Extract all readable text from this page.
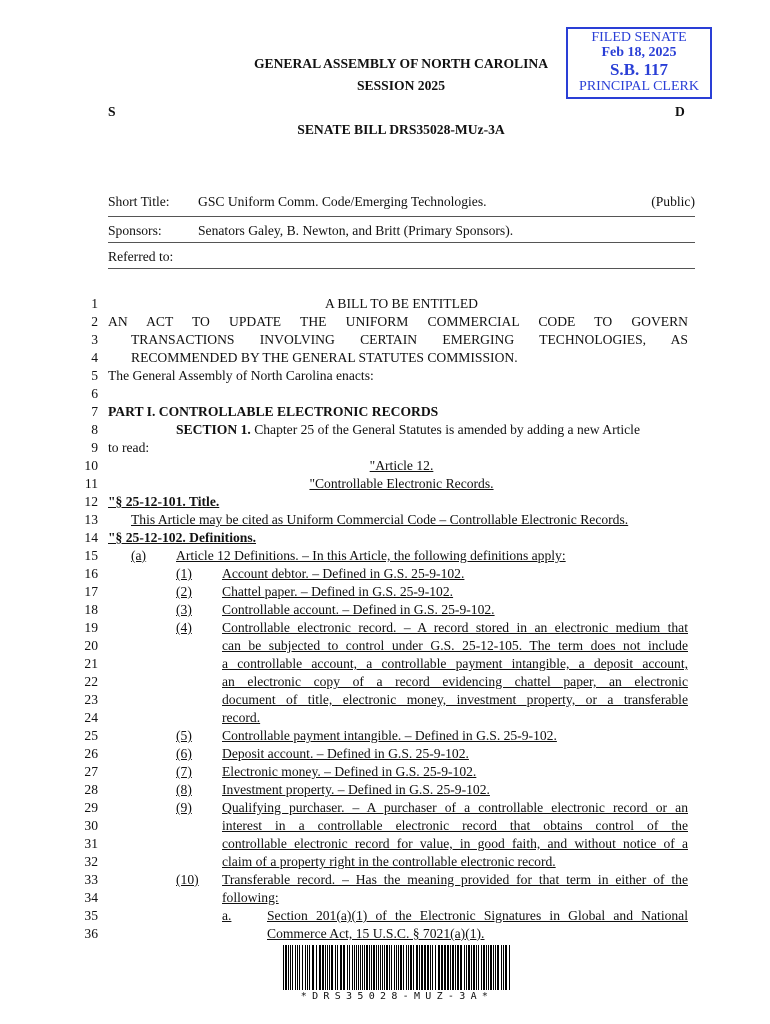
FILED SENATE
Feb 18, 2025
S.B. 117
PRINCIPAL CLERK
GENERAL ASSEMBLY OF NORTH CAROLINA
SESSION 2025
S	D
SENATE BILL DRS35028-MUz-3A
Short Title: GSC Uniform Comm. Code/Emerging Technologies.	(Public)
Sponsors:	Senators Galey, B. Newton, and Britt (Primary Sponsors).
Referred to:
1
2
3
4
5
6
7
8
9
10
11
12
13
14
15
16
17
18
19
20
21
22
23
24
25
26
27
28
29
30
31
32
33
34
35
36
A BILL TO BE ENTITLED
AN ACT TO UPDATE THE UNIFORM COMMERCIAL CODE TO GOVERN
TRANSACTIONS INVOLVING CERTAIN EMERGING TECHNOLOGIES, AS
RECOMMENDED BY THE GENERAL STATUTES COMMISSION.
The General Assembly of North Carolina enacts:
PART I. CONTROLLABLE ELECTRONIC RECORDS
SECTION 1. Chapter 25 of the General Statutes is amended by adding a new Article
to read:
"Article 12.
"Controllable Electronic Records.
"§ 25-12-101. Title.
This Article may be cited as Uniform Commercial Code – Controllable Electronic Records.
"§ 25-12-102. Definitions.
(a) Article 12 Definitions. – In this Article, the following definitions apply:
(1) Account debtor. – Defined in G.S. 25-9-102.
(2) Chattel paper. – Defined in G.S. 25-9-102.
(3) Controllable account. – Defined in G.S. 25-9-102.
(4) Controllable electronic record. – A record stored in an electronic medium that
can be subjected to control under G.S. 25-12-105. The term does not include
a controllable account, a controllable payment intangible, a deposit account,
an electronic copy of a record evidencing chattel paper, an electronic
document of title, electronic money, investment property, or a transferable
record.
(5) Controllable payment intangible. – Defined in G.S. 25-9-102.
(6) Deposit account. – Defined in G.S. 25-9-102.
(7) Electronic money. – Defined in G.S. 25-9-102.
(8) Investment property. – Defined in G.S. 25-9-102.
(9) Qualifying purchaser. – A purchaser of a controllable electronic record or an
interest in a controllable electronic record that obtains control of the
controllable electronic record for value, in good faith, and without notice of a
claim of a property right in the controllable electronic record.
(10) Transferable record. – Has the meaning provided for that term in either of the
following:
a.	Section 201(a)(1) of the Electronic Signatures in Global and National
Commerce Act, 15 U.S.C. § 7021(a)(1).
*DRS35028-MUZ-3A*
